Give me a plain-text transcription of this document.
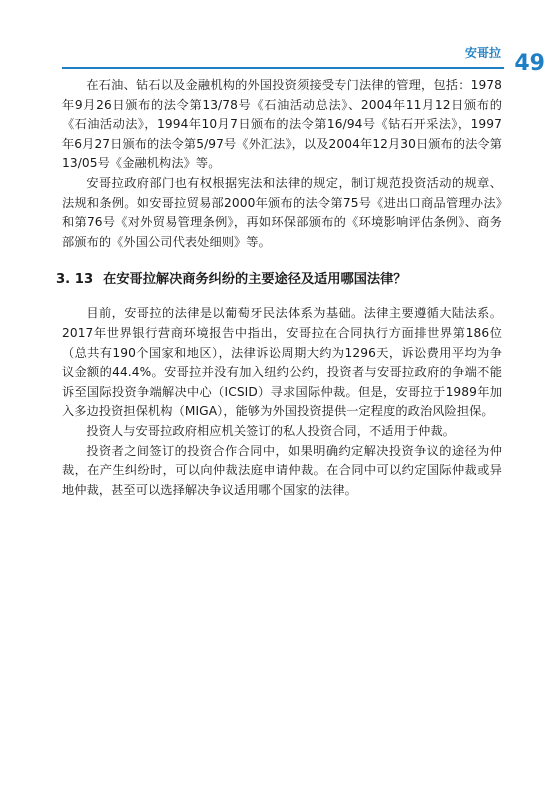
安哥拉 49

在石油、钻石以及金融机构的外国投资须接受专门法律的管理，包括：1978年9月26日颁布的法令第13/78号《石油活动总法》、2004年11月12日颁布的《石油活动法》，1994年10月7日颁布的法令第16/94号《钻石开采法》，1997年6月27日颁布的法令第5/97号《外汇法》，以及2004年12月30日颁布的法令第13/05号《金融机构法》等。

安哥拉政府部门也有权根据宪法和法律的规定，制订规范投资活动的规章、法规和条例。如安哥拉贸易部2000年颁布的法令第75号《进出口商品管理办法》和第76号《对外贸易管理条例》，再如环保部颁布的《环境影响评估条例》、商务部颁布的《外国公司代表处细则》等。

3. 13 在安哥拉解决商务纠纷的主要途径及适用哪国法律？

目前，安哥拉的法律是以葡萄牙民法体系为基础。法律主要遵循大陆法系。2017年世界银行营商环境报告中指出，安哥拉在合同执行方面排世界第186位（总共有190个国家和地区），法律诉讼周期大约为1296天，诉讼费用平均为争议金额的44.4%。安哥拉并没有加入纽约公约，投资者与安哥拉政府的争端不能诉至国际投资争端解决中心（ICSID）寻求国际仲裁。但是，安哥拉于1989年加入多边投资担保机构（MIGA），能够为外国投资提供一定程度的政治风险担保。

投资人与安哥拉政府相应机关签订的私人投资合同，不适用于仲裁。

投资者之间签订的投资合作合同中，如果明确约定解决投资争议的途径为仲裁，在产生纠纷时，可以向仲裁法庭申请仲裁。在合同中可以约定国际仲裁或异地仲裁，甚至可以选择解决争议适用哪个国家的法律。
